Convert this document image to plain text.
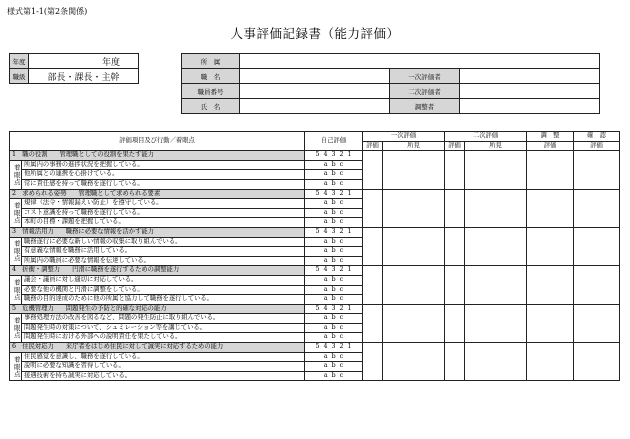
様式第1-1(第2条関係)
人事評価記録書（能力評価）
年度	年度
職級	部長・課長・主幹
所　属			
職　名		一次評価者	
職員番号		二次評価者	
氏　名		調整者	
評価項目及び行動／着眼点		自己評価	一次評価		二次評価		調　整	確　認
			評価	所見	評価	所見	評価	評価
1　職の役割 管理職としての役割を果たす能力		5 4 3 2 1						
着眼点	所属内の事務の進捗状況を把握している。	a b c						
	他所属との連携を心掛けている。	a b c						
	常に責任感を持って職務を遂行している。	a b c						
2　求められる姿勢 管理職として求められる要素		5 4 3 2 1						
着眼点	規律（法令・情報漏えい防止）を遵守している。	a b c						
	コスト意識を持って職務を遂行している。	a b c						
	本町の目標・課題を把握している。	a b c						
3　情報活用力 職務に必要な情報を活かす能力		5 4 3 2 1						
着眼点	職務遂行に必要な新しい情報の収集に取り組んでいる。	a b c						
	有意義な情報を職務に活用している。	a b c						
	所属内の職員に必要な情報を伝達している。	a b c						
4　折衝・調整力 円滑に職務を遂行するための調整能力		5 4 3 2 1						
着眼点	議会・議員に対し適切に対応している。	a b c						
	必要な他の機関と円滑に調整をしている。	a b c						
	職務の目的達成のために他の所属と協力して職務を遂行している。	a b c						
5　危機管理力 問題発生の予防と的確な対応の能力		5 4 3 2 1						
着眼点	事務処理方法の改善を図るなど、問題の発生防止に取り組んでいる。	a b c						
	問題発生時の対策について、シュミレーション等を講じている。	a b c						
	問題発生時における外部への説明責任を果たしている。	a b c						
6　住民対応力 来庁者をはじめ住民に対して誠実に対応するための能力		5 4 3 2 1						
着眼点	住民感覚を意識し、職務を遂行している。	a b c						
	説明に必要な知識を習得している。	a b c						
	接遇技術を持ち誠実に対応している。	a b c						
